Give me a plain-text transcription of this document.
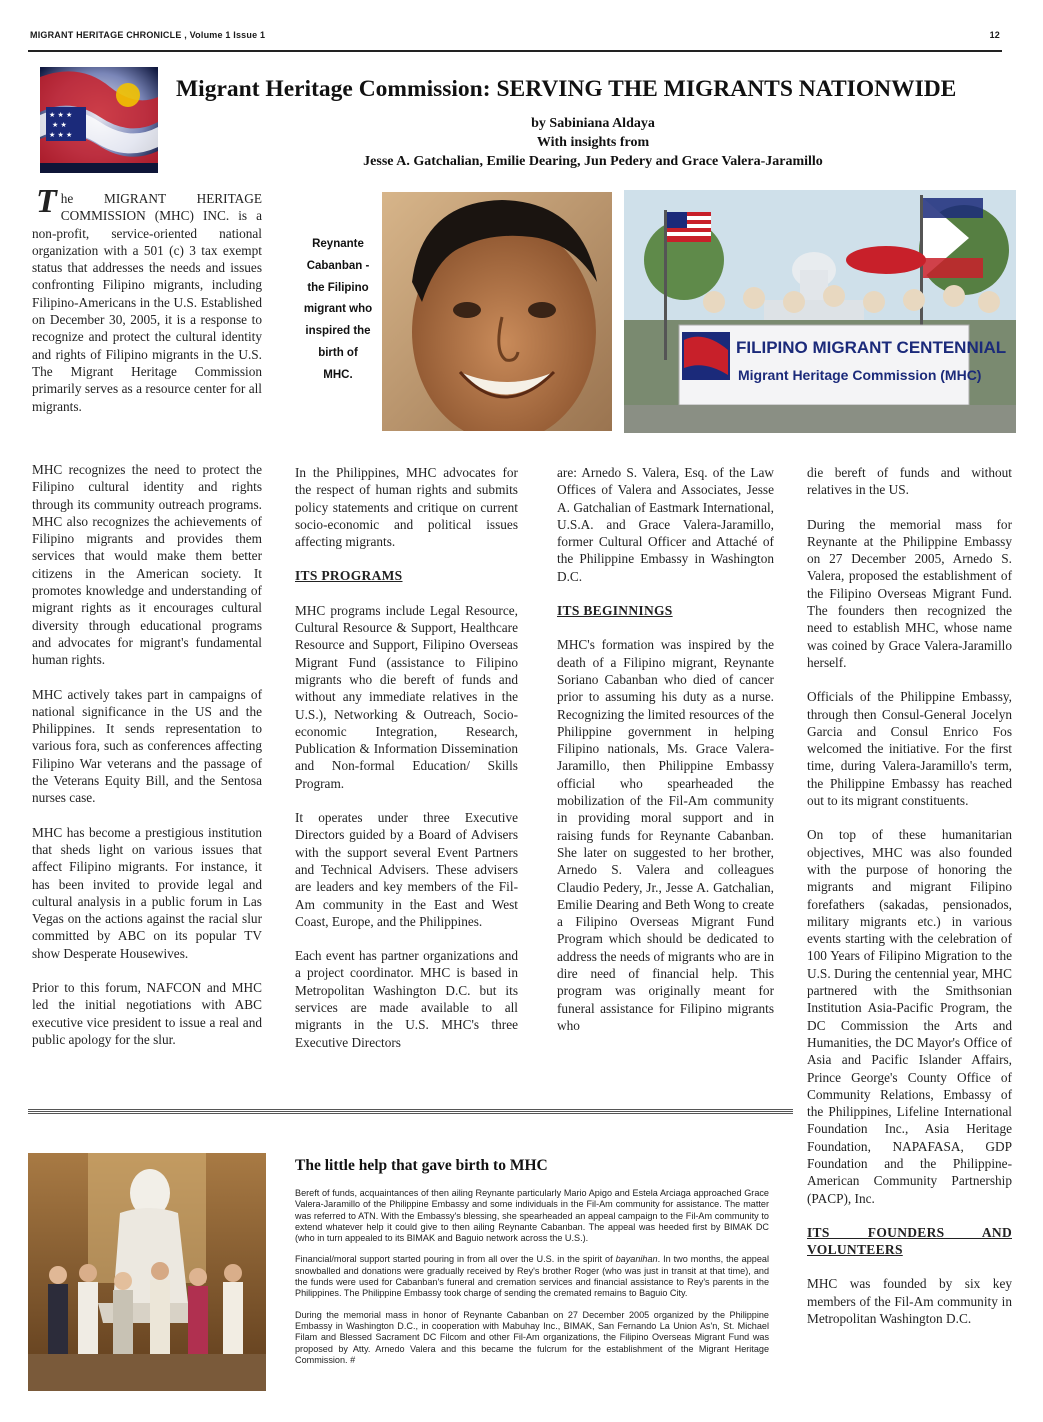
MIGRANT HERITAGE CHRONICLE , Volume 1 Issue 1	12
★ ★ ★
★ ★
★ ★ ★
Migrant Heritage Commission: SERVING THE MIGRANTS NATIONWIDE
by Sabiniana Aldaya
With insights from
Jesse A. Gatchalian, Emilie Dearing, Jun Pedery and Grace Valera-Jaramillo

The MIGRANT HERITAGE COMMISSION (MHC) INC. is a non-profit, service-oriented national organization with a 501 (c) 3 tax exempt status that addresses the needs and issues confronting Filipino migrants, including Filipino-Americans in the U.S. Established on December 30, 2005, it is a response to recognize and protect the cultural identity and rights of Filipino migrants in the U.S. The Migrant Heritage Commission primarily serves as a resource center for all migrants.

Reynante
Cabanban -
the Filipino
migrant who
inspired the
birth of
MHC.
FILIPINO MIGRANT CENTENNIAL
Migrant Heritage Commission (MHC)

MHC recognizes the need to protect the Filipino cultural identity and rights through its community outreach programs. MHC also recognizes the achievements of Filipino migrants and provides them services that would make them better citizens in the American society. It promotes knowledge and understanding of migrant rights as it encourages cultural diversity through educational programs and advocates for migrant's fundamental human rights.

MHC actively takes part in campaigns of national significance in the US and the Philippines. It sends representation to various fora, such as conferences affecting Filipino War veterans and the passage of the Veterans Equity Bill, and the Sentosa nurses case.

MHC has become a prestigious institution that sheds light on various issues that affect Filipino migrants. For instance, it has been invited to provide legal and cultural analysis in a public forum in Las Vegas on the actions against the racial slur committed by ABC on its popular TV show Desperate Housewives.

Prior to this forum, NAFCON and MHC led the initial negotiations with ABC executive vice president to issue a real and public apology for the slur.

In the Philippines, MHC advocates for the respect of human rights and submits policy statements and critique on current socio-economic and political issues affecting migrants.

ITS PROGRAMS

MHC programs include Legal Resource, Cultural Resource & Support, Healthcare Resource and Support, Filipino Overseas Migrant Fund (assistance to Filipino migrants who die bereft of funds and without any immediate relatives in the U.S.), Networking & Outreach, Socio-economic Integration, Research, Publication & Information Dissemination and Non-formal Education/ Skills Program.

It operates under three Executive Directors guided by a Board of Advisers with the support several Event Partners and Technical Advisers. These advisers are leaders and key members of the Fil-Am community in the East and West Coast, Europe, and the Philippines.

Each event has partner organizations and a project coordinator. MHC is based in Metropolitan Washington D.C. but its services are made available to all migrants in the U.S. MHC's three Executive Directors

are: Arnedo S. Valera, Esq. of the Law Offices of Valera and Associates, Jesse A. Gatchalian of Eastmark International, U.S.A. and Grace Valera-Jaramillo, former Cultural Officer and Attaché of the Philippine Embassy in Washington D.C.

ITS BEGINNINGS

MHC's formation was inspired by the death of a Filipino migrant, Reynante Soriano Cabanban who died of cancer prior to assuming his duty as a nurse. Recognizing the limited resources of the Philippine government in helping Filipino nationals, Ms. Grace Valera-Jaramillo, then Philippine Embassy official who spearheaded the mobilization of the Fil-Am community in providing moral support and in raising funds for Reynante Cabanban. She later on suggested to her brother, Arnedo S. Valera and colleagues Claudio Pedery, Jr., Jesse A. Gatchalian, Emilie Dearing and Beth Wong to create a Filipino Overseas Migrant Fund Program which should be dedicated to address the needs of migrants who are in dire need of financial help. This program was originally meant for funeral assistance for Filipino migrants who

die bereft of funds and without relatives in the US.

During the memorial mass for Reynante at the Philippine Embassy on 27 December 2005, Arnedo S. Valera, proposed the establishment of the Filipino Overseas Migrant Fund. The founders then recognized the need to establish MHC, whose name was coined by Grace Valera-Jaramillo herself.

Officials of the Philippine Embassy, through then Consul-General Jocelyn Garcia and Consul Enrico Fos welcomed the initiative. For the first time, during Valera-Jaramillo's term, the Philippine Embassy has reached out to its migrant constituents.

On top of these humanitarian objectives, MHC was also founded with the purpose of honoring the migrants and migrant Filipino forefathers (sakadas, pensionados, military migrants etc.) in various events starting with the celebration of 100 Years of Filipino Migration to the U.S. During the centennial year, MHC partnered with the Smithsonian Institution Asia-Pacific Program, the DC Commission the Arts and Humanities, the DC Mayor's Office of Asia and Pacific Islander Affairs, Prince George's County Office of Community Relations, Embassy of the Philippines, Lifeline International Foundation Inc., Asia Heritage Foundation, NAPAFASA, GDP Foundation and the Philippine-American Community Partnership (PACP), Inc.

ITS FOUNDERS AND VOLUNTEERS

MHC was founded by six key members of the Fil-Am community in Metropolitan Washington D.C.

The little help that gave birth to MHC

Bereft of funds, acquaintances of then ailing Reynante particularly Mario Apigo and Estela Arciaga approached Grace Valera-Jaramillo of the Philippine Embassy and some individuals in the Fil-Am community for assistance. The matter was referred to ATN. With the Embassy's blessing, she spearheaded an appeal campaign to the Fil-Am community to extend whatever help it could give to then ailing Reynante Cabanban. The appeal was heeded first by BIMAK DC (who in turn appealed to its BIMAK and Baguio network across the U.S.).

Financial/moral support started pouring in from all over the U.S. in the spirit of bayanihan. In two months, the appeal snowballed and donations were gradually received by Rey's brother Roger (who was just in transit at that time), and the funds were used for Cabanban's funeral and cremation services and financial assistance to Rey's parents in the Philippines. The Philippine Embassy took charge of sending the cremated remains to Baguio City.

During the memorial mass in honor of Reynante Cabanban on 27 December 2005 organized by the Philippine Embassy in Washington D.C., in cooperation with Mabuhay Inc., BIMAK, San Fernando La Union As'n, St. Michael Filam and Blessed Sacrament DC Filcom and other Fil-Am organizations, the Filipino Overseas Migrant Fund was proposed by Atty. Arnedo Valera and this became the fulcrum for the establishment of the Migrant Heritage Commission. #
